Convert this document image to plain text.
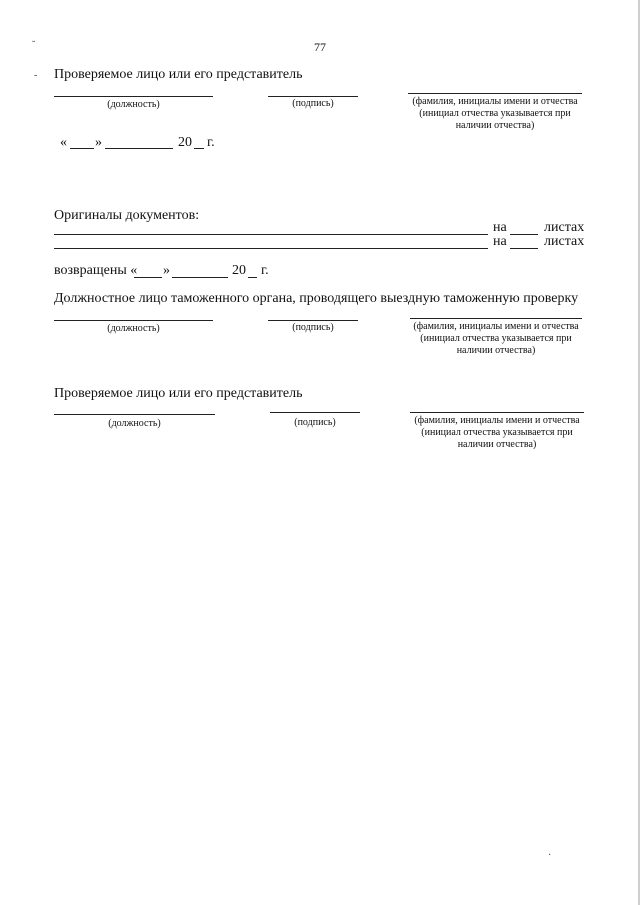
77
˘
- Проверяемое лицо или его представитель
(должность)	(подпись)	(фамилия, инициалы имени и отчества (инициал отчества указывается при наличии отчества)
« »	20 г.
Оригиналы документов:
на	листах
на	листах
возвращены « »	20 г.
Должностное лицо таможенного органа, проводящего выездную таможенную проверку
(должность)	(подпись)	(фамилия, инициалы имени и отчества (инициал отчества указывается при наличии отчества)
Проверяемое лицо или его представитель
(должность)	(подпись)	(фамилия, инициалы имени и отчества (инициал отчества указывается при наличии отчества)
·
